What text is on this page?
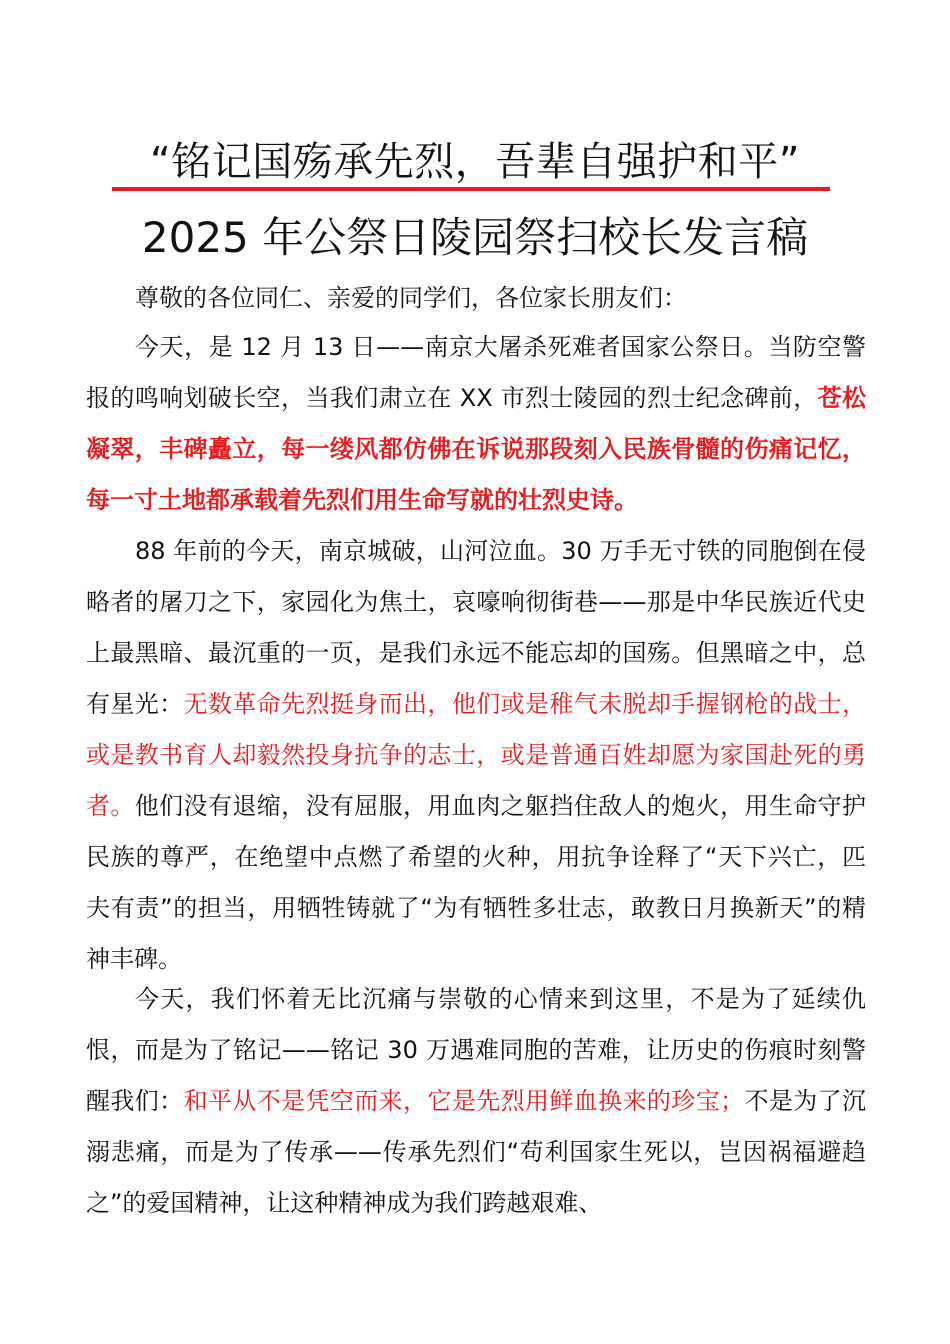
“铭记国殇承先烈，吾辈自强护和平”
2025 年公祭日陵园祭扫校长发言稿

尊敬的各位同仁、亲爱的同学们，各位家长朋友们：

今天，是 12 月 13 日——南京大屠杀死难者国家公祭日。当防空警报的鸣响划破长空，当我们肃立在 XX 市烈士陵园的烈士纪念碑前，苍松凝翠，丰碑矗立，每一缕风都仿佛在诉说那段刻入民族骨髓的伤痛记忆，每一寸土地都承载着先烈们用生命写就的壮烈史诗。

88 年前的今天，南京城破，山河泣血。30 万手无寸铁的同胞倒在侵略者的屠刀之下，家园化为焦土，哀嚎响彻街巷——那是中华民族近代史上最黑暗、最沉重的一页，是我们永远不能忘却的国殇。但黑暗之中，总有星光：无数革命先烈挺身而出，他们或是稚气未脱却手握钢枪的战士，或是教书育人却毅然投身抗争的志士，或是普通百姓却愿为家国赴死的勇者。他们没有退缩，没有屈服，用血肉之躯挡住敌人的炮火，用生命守护民族的尊严，在绝望中点燃了希望的火种，用抗争诠释了“天下兴亡，匹夫有责”的担当，用牺牲铸就了“为有牺牲多壮志，敢教日月换新天”的精神丰碑。

今天，我们怀着无比沉痛与崇敬的心情来到这里，不是为了延续仇恨，而是为了铭记——铭记 30 万遇难同胞的苦难，让历史的伤痕时刻警醒我们：和平从不是凭空而来，它是先烈用鲜血换来的珍宝；不是为了沉溺悲痛，而是为了传承——传承先烈们“苟利国家生死以，岂因祸福避趋之”的爱国精神，让这种精神成为我们跨越艰难、
